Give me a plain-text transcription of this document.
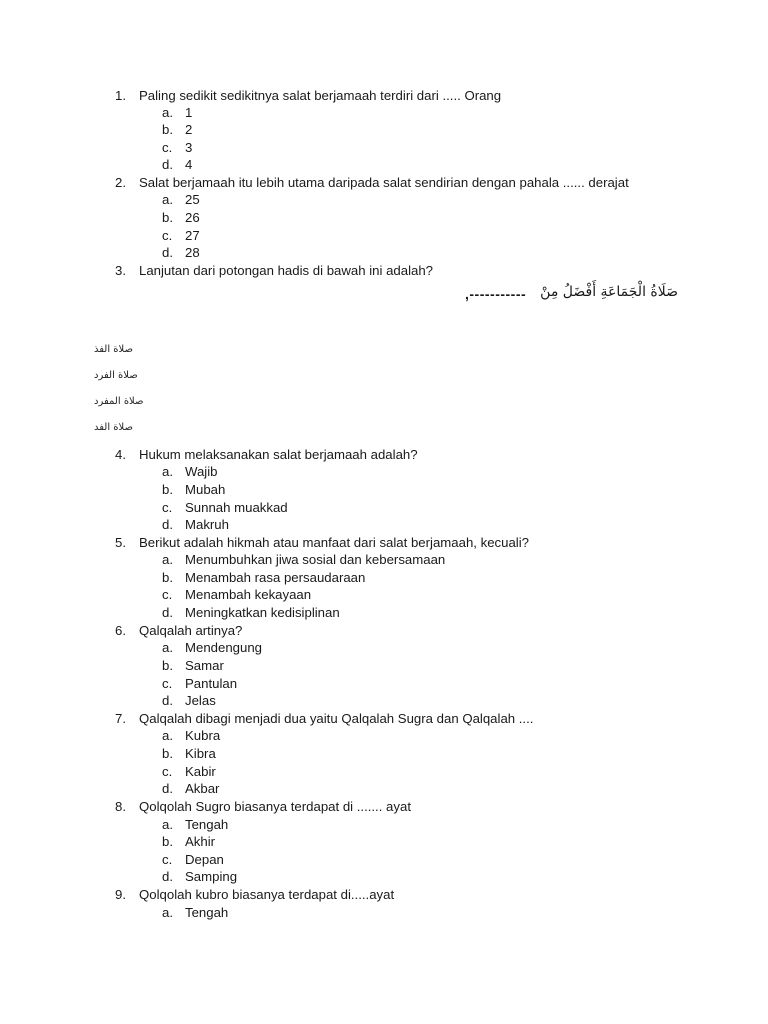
1. Paling sedikit sedikitnya salat berjamaah terdiri dari ..... Orang
a. 1
b. 2
c. 3
d. 4
2. Salat berjamaah itu lebih utama daripada salat sendirian dengan pahala ...... derajat
a. 25
b. 26
c. 27
d. 28
3. Lanjutan dari potongan hadis di bawah ini adalah?
صَلَاةُ الْجَمَاعَةِ أَفْضَلُ مِنْ
,-----------
صلاة الفذ
صلاة الفرد
صلاة المفرد
صلاة الفد
4. Hukum melaksanakan salat berjamaah adalah?
a. Wajib
b. Mubah
c. Sunnah muakkad
d. Makruh
5. Berikut adalah hikmah atau manfaat dari salat berjamaah, kecuali?
a. Menumbuhkan jiwa sosial dan kebersamaan
b. Menambah rasa persaudaraan
c. Menambah kekayaan
d. Meningkatkan kedisiplinan
6. Qalqalah artinya?
a. Mendengung
b. Samar
c. Pantulan
d. Jelas
7. Qalqalah dibagi menjadi dua yaitu Qalqalah Sugra dan Qalqalah ....
a. Kubra
b. Kibra
c. Kabir
d. Akbar
8. Qolqolah Sugro biasanya terdapat di ....... ayat
a. Tengah
b. Akhir
c. Depan
d. Samping
9. Qolqolah kubro biasanya terdapat di.....ayat
a. Tengah
